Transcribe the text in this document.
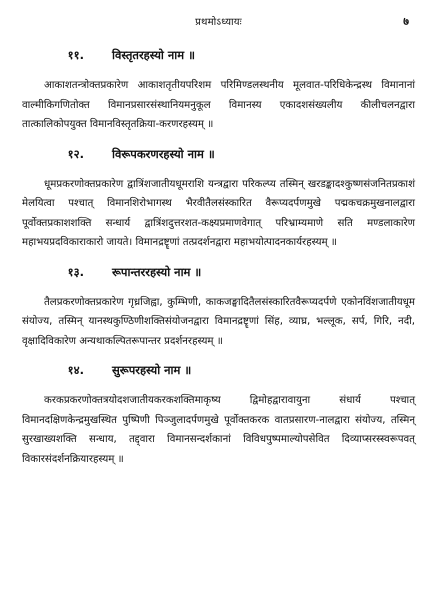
प्रथमोऽध्यायः	७
११.	विस्तृतरहस्यो नाम ॥

आकाशतन्त्रोक्तप्रकारेण आकाशतृतीयपरिशम परिमिण्डलस्थनीय मूलवात-परिधिकेन्द्रस्थ विमानानां वाल्मीकिगणितोक्त विमानप्रसारसंस्थानियमनुकूल विमानस्य एकादशसंख्यलीय कीलीचलनद्वारा तात्कालिकोपयुक्त विमानविस्तृतक्रिया-करणरहस्यम् ॥

१२.	विरूपकरणरहस्यो नाम ॥

धूमप्रकरणोक्तप्रकारेण द्वात्रिंशजातीयधूमराशि यन्त्रद्वारा परिकल्प्य तस्मिन् खरडङ्कादश्कुष्णसंजनितप्रकाशं मेलयित्वा पश्चात् विमानशिरोभागस्थ भैरवीतैलसंस्कारित वैरूप्यदर्पणमुखे पद्मकचक्रमुखनालद्वारा पूर्वोक्तप्रकाशशक्ति सन्धार्य द्वात्रिंशदुत्तरशत-कक्ष्यप्रमाणवेगात् परिभ्राम्यमाणे सति मण्डलाकारेण महाभयप्रदविकाराकारो जायते। विमानद्रष्टॄणां तत्प्रदर्शनद्वारा महाभयोत्पादनकार्यरहस्यम् ॥

१३.	रूपान्तररहस्यो नाम ॥

तैलप्रकरणोक्तप्रकारेण गृध्रजिह्वा, कुम्भिणी, काकजङ्घादितैलसंस्कारितवैरूप्यदर्पणे एकोनविंशजातीयधूम संयोज्य, तस्मिन् यानस्थकुण्ठिणीशक्तिसंयोजनद्वारा विमानद्रष्टॄणां सिंह, व्याघ्र, भल्लूक, सर्प, गिरि, नदी, वृक्षादिविकारेण अन्यथाकल्पितरूपान्तर प्रदर्शनरहस्यम् ॥

१४.	सुरूपरहस्यो नाम ॥

करकप्रकरणोक्तत्रयोदशजातीयकरकशक्तिमाकृष्य द्विमोहद्वारावायुना संधार्य पश्चात् विमानदक्षिणकेन्द्रमुखस्थित पुष्पिणी पिञ्जुलादर्पणमुखे पूर्वोक्तकरक वातप्रसारण-नालद्वारा संयोज्य, तस्मिन् सुरखाख्यशक्ति सन्धाय, तद्द्वारा विमानसन्दर्शकानां विविधपुष्पमाल्योपसेवित दिव्याप्सरस्स्वरूपवत् विकारसंदर्शनक्रियारहस्यम् ॥
